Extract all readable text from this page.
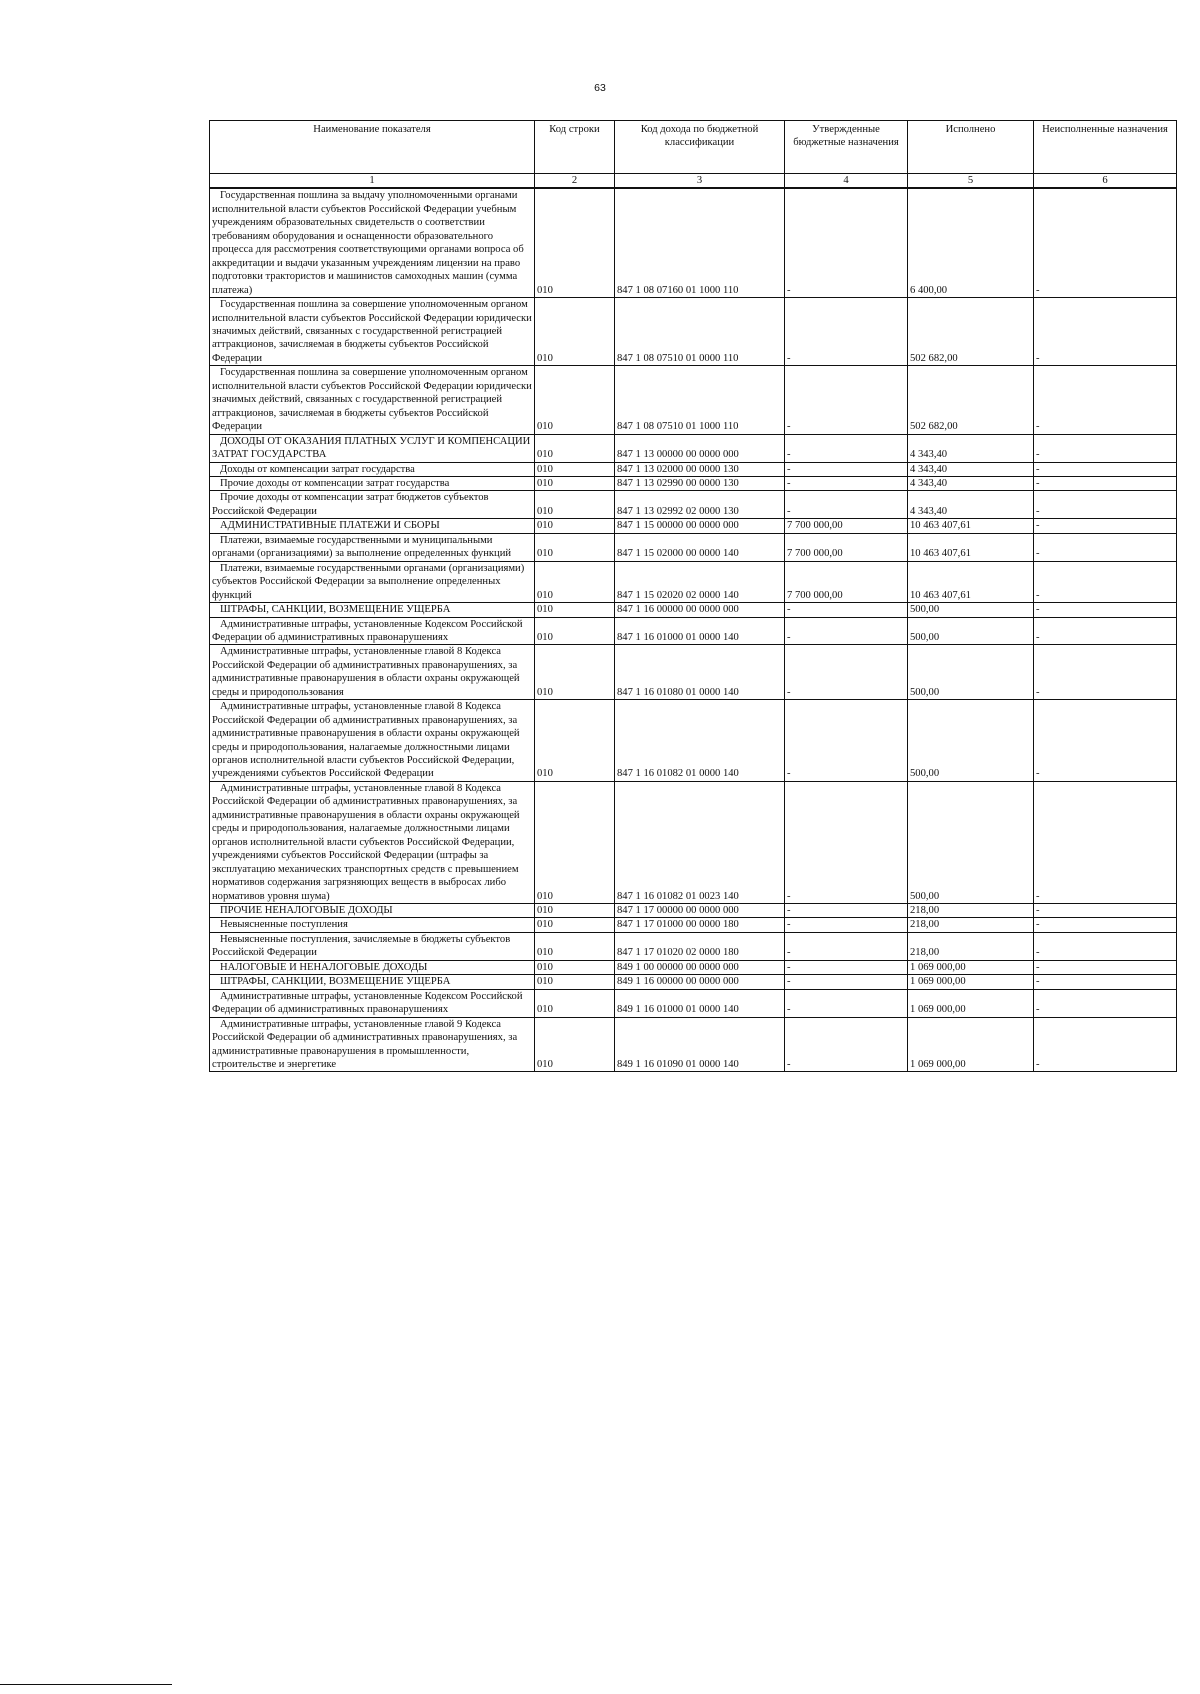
63
Наименование показателя	Код строки	Код дохода по бюджетной классификации	Утвержденные бюджетные назначения	Исполнено	Неисполненные назначения
1	2	3	4	5	6
Государственная пошлина за выдачу уполномоченными органами исполнительной власти субъектов Российской Федерации учебным учреждениям образовательных свидетельств о соответствии требованиям оборудования и оснащенности образовательного процесса для рассмотрения соответствующими органами вопроса об аккредитации и выдачи указанным учреждениям лицензии на право подготовки трактористов и машинистов самоходных машин (сумма платежа)	010	847 1 08 07160 01 1000 110	-	6 400,00	-
Государственная пошлина за совершение уполномоченным органом исполнительной власти субъектов Российской Федерации юридически значимых действий, связанных с государственной регистрацией аттракционов, зачисляемая в бюджеты субъектов Российской Федерации	010	847 1 08 07510 01 0000 110	-	502 682,00	-
Государственная пошлина за совершение уполномоченным органом исполнительной власти субъектов Российской Федерации юридически значимых действий, связанных с государственной регистрацией аттракционов, зачисляемая в бюджеты субъектов Российской Федерации	010	847 1 08 07510 01 1000 110	-	502 682,00	-
ДОХОДЫ ОТ ОКАЗАНИЯ ПЛАТНЫХ УСЛУГ И КОМПЕНСАЦИИ ЗАТРАТ ГОСУДАРСТВА	010	847 1 13 00000 00 0000 000	-	4 343,40	-
Доходы от компенсации затрат государства	010	847 1 13 02000 00 0000 130	-	4 343,40	-
Прочие доходы от компенсации затрат государства	010	847 1 13 02990 00 0000 130	-	4 343,40	-
Прочие доходы от компенсации затрат бюджетов субъектов Российской Федерации	010	847 1 13 02992 02 0000 130	-	4 343,40	-
АДМИНИСТРАТИВНЫЕ ПЛАТЕЖИ И СБОРЫ	010	847 1 15 00000 00 0000 000	7 700 000,00	10 463 407,61	-
Платежи, взимаемые государственными и муниципальными органами (организациями) за выполнение определенных функций	010	847 1 15 02000 00 0000 140	7 700 000,00	10 463 407,61	-
Платежи, взимаемые государственными органами (организациями) субъектов Российской Федерации за выполнение определенных функций	010	847 1 15 02020 02 0000 140	7 700 000,00	10 463 407,61	-
ШТРАФЫ, САНКЦИИ, ВОЗМЕЩЕНИЕ УЩЕРБА	010	847 1 16 00000 00 0000 000	-	500,00	-
Административные штрафы, установленные Кодексом Российской Федерации об административных правонарушениях	010	847 1 16 01000 01 0000 140	-	500,00	-
Административные штрафы, установленные главой 8 Кодекса Российской Федерации об административных правонарушениях, за административные правонарушения в области охраны окружающей среды и природопользования	010	847 1 16 01080 01 0000 140	-	500,00	-
Административные штрафы, установленные главой 8 Кодекса Российской Федерации об административных правонарушениях, за административные правонарушения в области охраны окружающей среды и природопользования, налагаемые должностными лицами органов исполнительной власти субъектов Российской Федерации, учреждениями субъектов Российской Федерации	010	847 1 16 01082 01 0000 140	-	500,00	-
Административные штрафы, установленные главой 8 Кодекса Российской Федерации об административных правонарушениях, за административные правонарушения в области охраны окружающей среды и природопользования, налагаемые должностными лицами органов исполнительной власти субъектов Российской Федерации, учреждениями субъектов Российской Федерации (штрафы за эксплуатацию механических транспортных средств с превышением нормативов содержания загрязняющих веществ в выбросах либо нормативов уровня шума)	010	847 1 16 01082 01 0023 140	-	500,00	-
ПРОЧИЕ НЕНАЛОГОВЫЕ ДОХОДЫ	010	847 1 17 00000 00 0000 000	-	218,00	-
Невыясненные поступления	010	847 1 17 01000 00 0000 180	-	218,00	-
Невыясненные поступления, зачисляемые в бюджеты субъектов Российской Федерации	010	847 1 17 01020 02 0000 180	-	218,00	-
НАЛОГОВЫЕ И НЕНАЛОГОВЫЕ ДОХОДЫ	010	849 1 00 00000 00 0000 000	-	1 069 000,00	-
ШТРАФЫ, САНКЦИИ, ВОЗМЕЩЕНИЕ УЩЕРБА	010	849 1 16 00000 00 0000 000	-	1 069 000,00	-
Административные штрафы, установленные Кодексом Российской Федерации об административных правонарушениях	010	849 1 16 01000 01 0000 140	-	1 069 000,00	-
Административные штрафы, установленные главой 9 Кодекса Российской Федерации об административных правонарушениях, за административные правонарушения в промышленности, строительстве и энергетике	010	849 1 16 01090 01 0000 140	-	1 069 000,00	-
